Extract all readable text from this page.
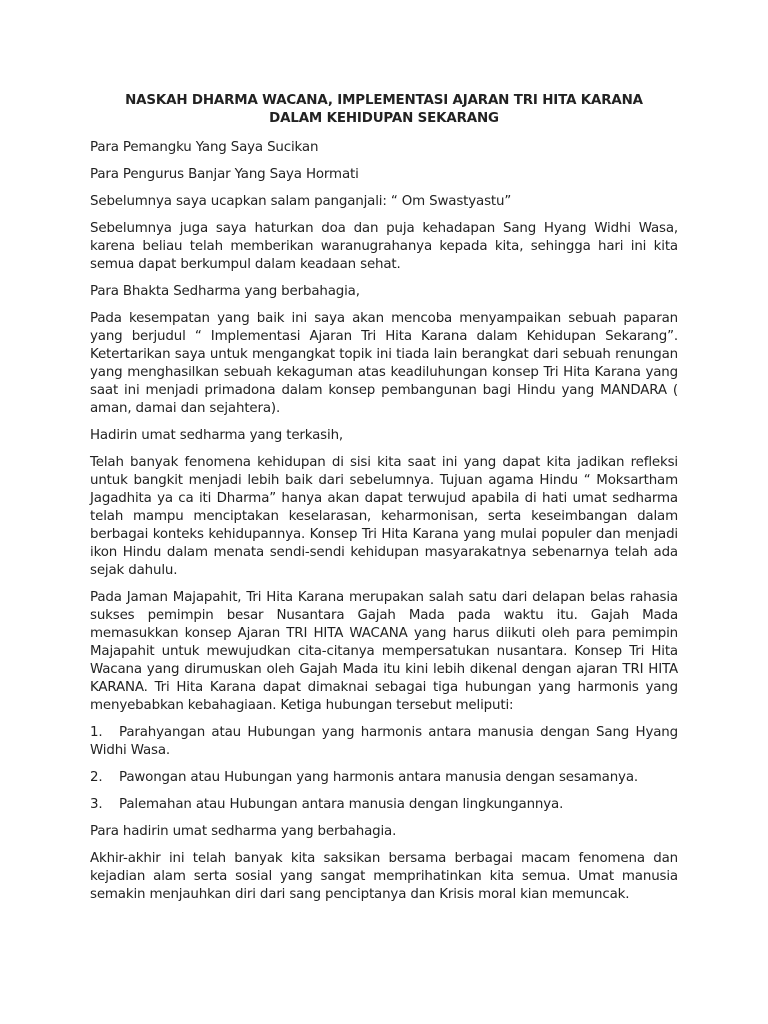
NASKAH DHARMA WACANA, IMPLEMENTASI AJARAN TRI HITA KARANA
DALAM KEHIDUPAN SEKARANG

Para Pemangku Yang Saya Sucikan

Para Pengurus Banjar Yang Saya Hormati

Sebelumnya saya ucapkan salam panganjali: “ Om Swastyastu”

Sebelumnya juga saya haturkan doa dan puja kehadapan Sang Hyang Widhi Wasa, karena beliau telah memberikan waranugrahanya kepada kita, sehingga hari ini kita semua dapat berkumpul dalam keadaan sehat.

Para Bhakta Sedharma yang berbahagia,

Pada kesempatan yang baik ini saya akan mencoba menyampaikan sebuah paparan yang berjudul “ Implementasi Ajaran Tri Hita Karana dalam Kehidupan Sekarang”. Ketertarikan saya untuk mengangkat topik ini tiada lain berangkat dari sebuah renungan yang menghasilkan sebuah kekaguman atas keadiluhungan konsep Tri Hita Karana yang saat ini menjadi primadona dalam konsep pembangunan bagi Hindu yang MANDARA ( aman, damai dan sejahtera).

Hadirin umat sedharma yang terkasih,

Telah banyak fenomena kehidupan di sisi kita saat ini yang dapat kita jadikan refleksi untuk bangkit menjadi lebih baik dari sebelumnya. Tujuan agama Hindu “ Moksartham Jagadhita ya ca iti Dharma” hanya akan dapat terwujud apabila di hati umat sedharma telah mampu menciptakan keselarasan, keharmonisan, serta keseimbangan dalam berbagai konteks kehidupannya. Konsep Tri Hita Karana yang mulai populer dan menjadi ikon Hindu dalam menata sendi-sendi kehidupan masyarakatnya sebenarnya telah ada sejak dahulu.

Pada Jaman Majapahit, Tri Hita Karana merupakan salah satu dari delapan belas rahasia sukses pemimpin besar Nusantara Gajah Mada pada waktu itu. Gajah Mada memasukkan konsep Ajaran TRI HITA WACANA yang harus diikuti oleh para pemimpin Majapahit untuk mewujudkan cita-citanya mempersatukan nusantara. Konsep Tri Hita Wacana yang dirumuskan oleh Gajah Mada itu kini lebih dikenal dengan ajaran TRI HITA KARANA. Tri Hita Karana dapat dimaknai sebagai tiga hubungan yang harmonis yang menyebabkan kebahagiaan. Ketiga hubungan tersebut meliputi:

1. Parahyangan atau Hubungan yang harmonis antara manusia dengan Sang Hyang Widhi Wasa.
2. Pawongan atau Hubungan yang harmonis antara manusia dengan sesamanya.
3. Palemahan atau Hubungan antara manusia dengan lingkungannya.

Para hadirin umat sedharma yang berbahagia.

Akhir-akhir ini telah banyak kita saksikan bersama berbagai macam fenomena dan kejadian alam serta sosial yang sangat memprihatinkan kita semua. Umat manusia semakin menjauhkan diri dari sang penciptanya dan Krisis moral kian memuncak.
